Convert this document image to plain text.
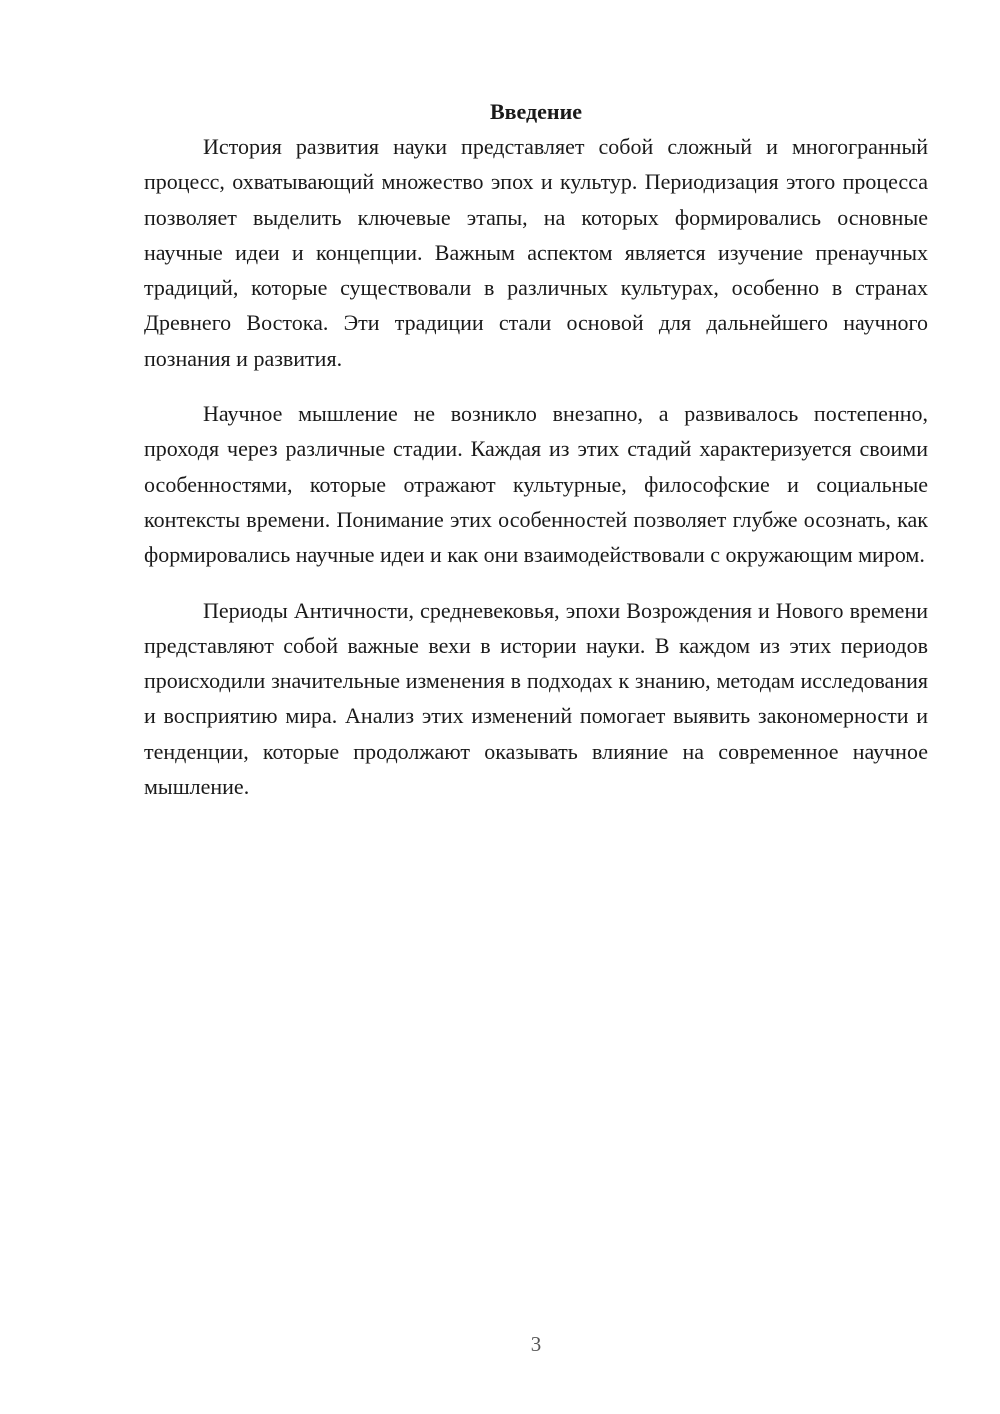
Введение

История развития науки представляет собой сложный и многогранный процесс, охватывающий множество эпох и культур. Периодизация этого процесса позволяет выделить ключевые этапы, на которых формировались основные научные идеи и концепции. Важным аспектом является изучение пренаучных традиций, которые существовали в различных культурах, особенно в странах Древнего Востока. Эти традиции стали основой для дальнейшего научного познания и развития.

Научное мышление не возникло внезапно, а развивалось постепенно, проходя через различные стадии. Каждая из этих стадий характеризуется своими особенностями, которые отражают культурные, философские и социальные контексты времени. Понимание этих особенностей позволяет глубже осознать, как формировались научные идеи и как они взаимодействовали с окружающим миром.

Периоды Античности, средневековья, эпохи Возрождения и Нового времени представляют собой важные вехи в истории науки. В каждом из этих периодов происходили значительные изменения в подходах к знанию, методам исследования и восприятию мира. Анализ этих изменений помогает выявить закономерности и тенденции, которые продолжают оказывать влияние на современное научное мышление.

3
